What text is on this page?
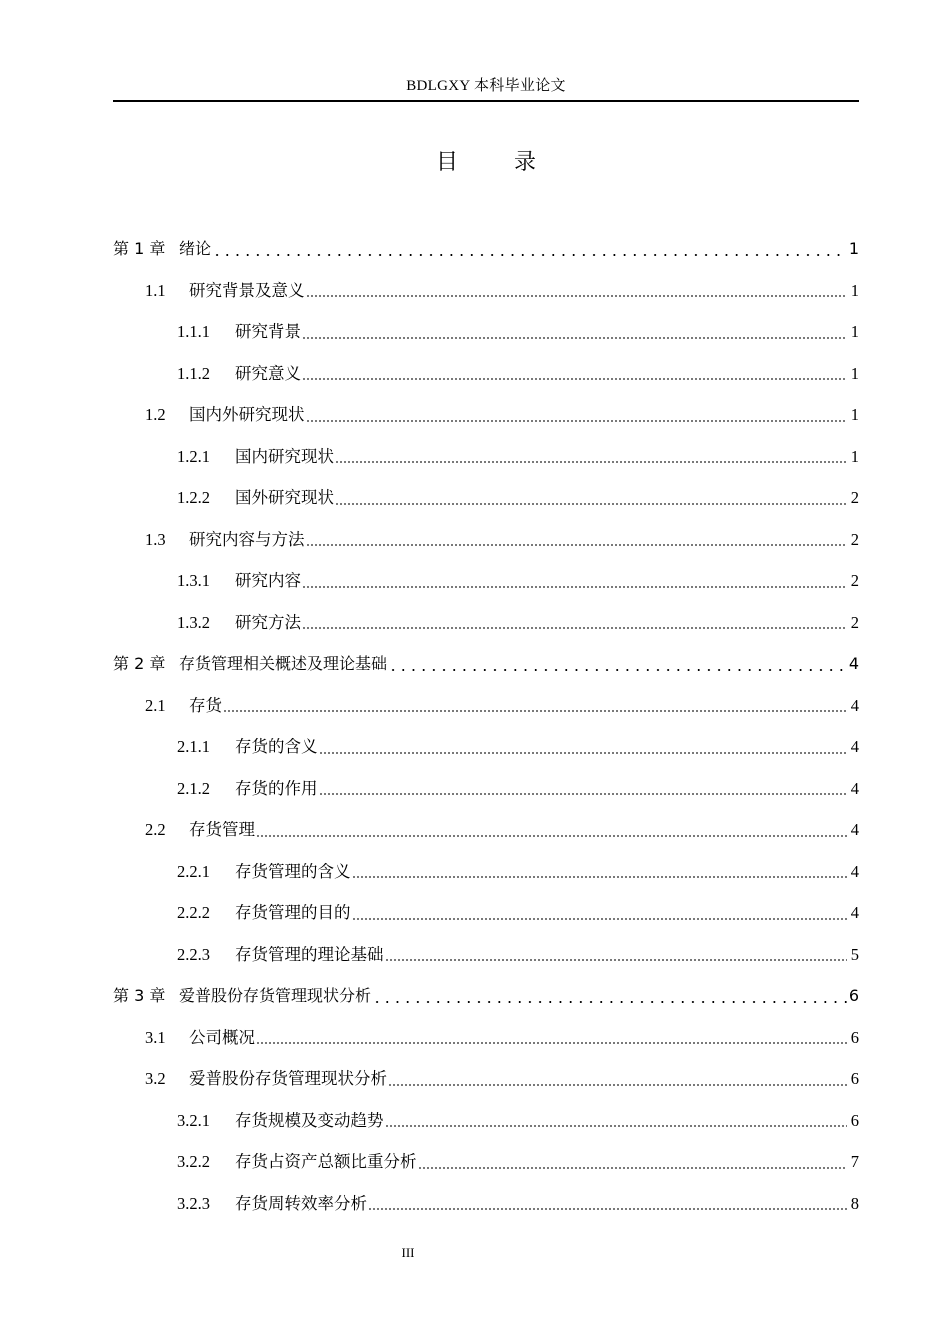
BDLGXY 本科毕业论文
目	录
第 1 章 绪论	1
1.1	研究背景及意义	1
1.1.1	研究背景	1
1.1.2	研究意义	1
1.2	国内外研究现状	1
1.2.1	国内研究现状	1
1.2.2	国外研究现状	2
1.3	研究内容与方法	2
1.3.1	研究内容	2
1.3.2	研究方法	2
第 2 章 存货管理相关概述及理论基础	4
2.1	存货	4
2.1.1	存货的含义	4
2.1.2	存货的作用	4
2.2	存货管理	4
2.2.1	存货管理的含义	4
2.2.2	存货管理的目的	4
2.2.3	存货管理的理论基础	5
第 3 章 爱普股份存货管理现状分析	6
3.1	公司概况	6
3.2	爱普股份存货管理现状分析	6
3.2.1	存货规模及变动趋势	6
3.2.2	存货占资产总额比重分析	7
3.2.3	存货周转效率分析	8
III
